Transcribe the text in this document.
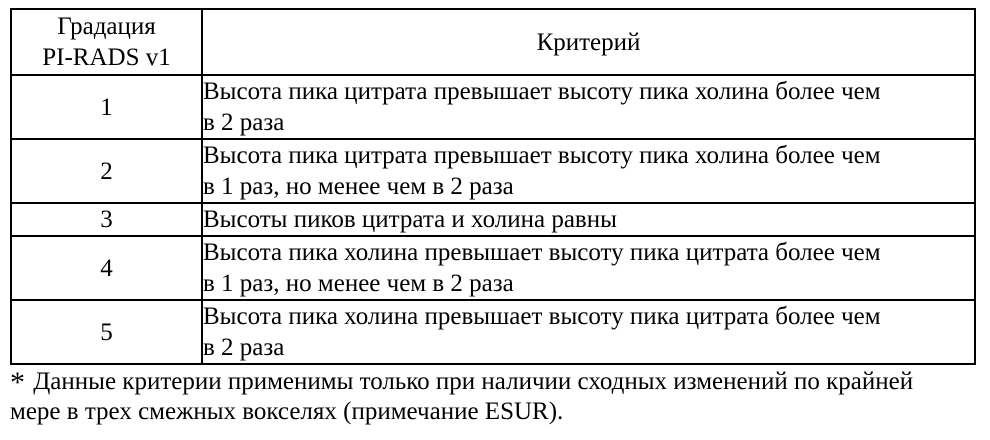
Градация
PI-RADS v1	Критерий
1	Высота пика цитрата превышает высоту пика холина более чем
в 2 раза

2	Высота пика цитрата превышает высоту пика холина более чем
в 1 раз, но менее чем в 2 раза

3	Высоты пиков цитрата и холина равны

4	Высота пика холина превышает высоту пика цитрата более чем
в 1 раз, но менее чем в 2 раза

5	Высота пика холина превышает высоту пика цитрата более чем
в 2 раза
* Данные критерии применимы только при наличии сходных изменений по крайней
мере в трех смежных вокселях (примечание ESUR).
